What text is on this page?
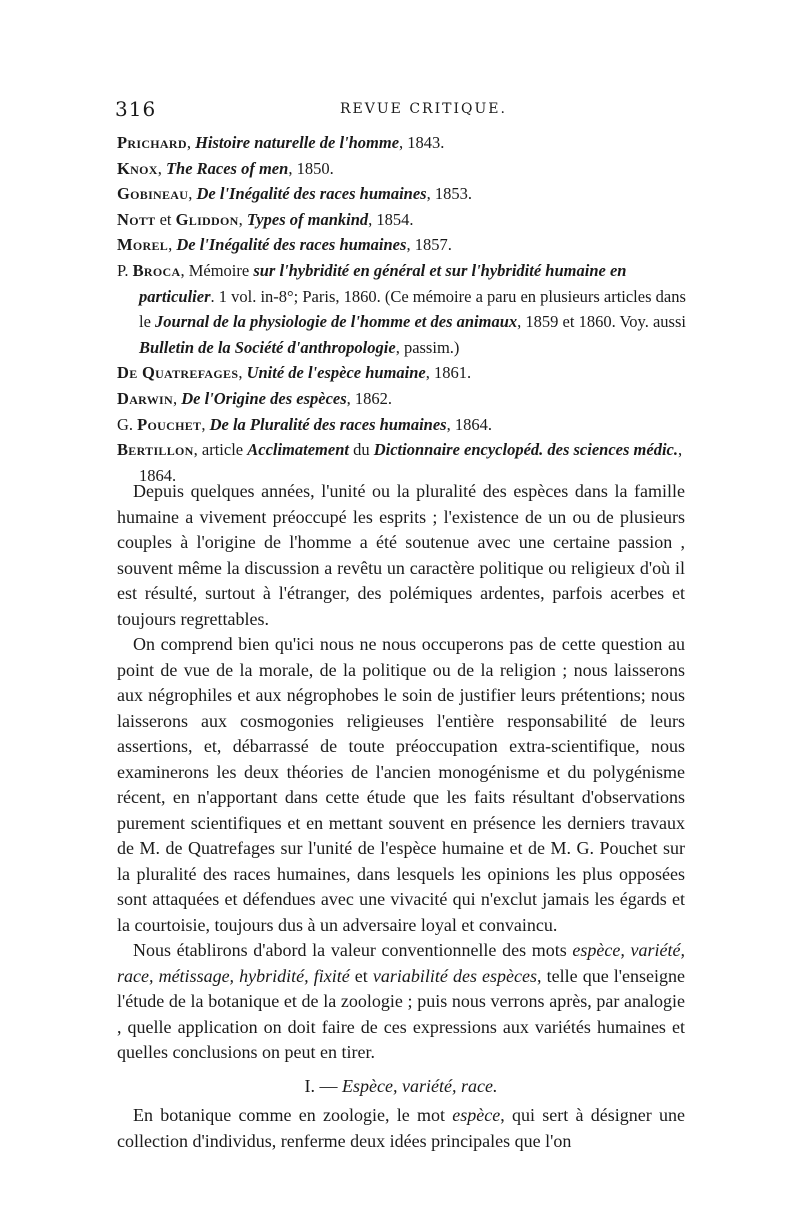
316	REVUE CRITIQUE.

Prichard, Histoire naturelle de l'homme, 1843.

Knox, The Races of men, 1850.

Gobineau, De l'Inégalité des races humaines, 1853.

Nott et Gliddon, Types of mankind, 1854.

Morel, De l'Inégalité des races humaines, 1857.

P. Broca, Mémoire sur l'hybridité en général et sur l'hybridité humaine en particulier. 1 vol. in-8°; Paris, 1860. (Ce mémoire a paru en plusieurs articles dans le Journal de la physiologie de l'homme et des animaux, 1859 et 1860. Voy. aussi Bulletin de la Société d'anthropologie, passim.)

De Quatrefages, Unité de l'espèce humaine, 1861.

Darwin, De l'Origine des espèces, 1862.

G. Pouchet, De la Pluralité des races humaines, 1864.

Bertillon, article Acclimatement du Dictionnaire encyclopéd. des sciences médic., 1864.

Depuis quelques années, l'unité ou la pluralité des espèces dans la famille humaine a vivement préoccupé les esprits ; l'existence de un ou de plusieurs couples à l'origine de l'homme a été soutenue avec une certaine passion , souvent même la discussion a revêtu un caractère politique ou religieux d'où il est résulté, surtout à l'étranger, des polémiques ardentes, parfois acerbes et toujours regrettables.

On comprend bien qu'ici nous ne nous occuperons pas de cette question au point de vue de la morale, de la politique ou de la religion ; nous laisserons aux négrophiles et aux négrophobes le soin de justifier leurs prétentions; nous laisserons aux cosmogonies religieuses l'entière responsabilité de leurs assertions, et, débarrassé de toute préoccupation extra-scientifique, nous examinerons les deux théories de l'ancien monogénisme et du polygénisme récent, en n'apportant dans cette étude que les faits résultant d'observations purement scientifiques et en mettant souvent en présence les derniers travaux de M. de Quatrefages sur l'unité de l'espèce humaine et de M. G. Pouchet sur la pluralité des races humaines, dans lesquels les opinions les plus opposées sont attaquées et défendues avec une vivacité qui n'exclut jamais les égards et la courtoisie, toujours dus à un adversaire loyal et convaincu.

Nous établirons d'abord la valeur conventionnelle des mots espèce, variété, race, métissage, hybridité, fixité et variabilité des espèces, telle que l'enseigne l'étude de la botanique et de la zoologie ; puis nous verrons après, par analogie , quelle application on doit faire de ces expressions aux variétés humaines et quelles conclusions on peut en tirer.

I. — Espèce, variété, race.

En botanique comme en zoologie, le mot espèce, qui sert à désigner une collection d'individus, renferme deux idées principales que l'on
